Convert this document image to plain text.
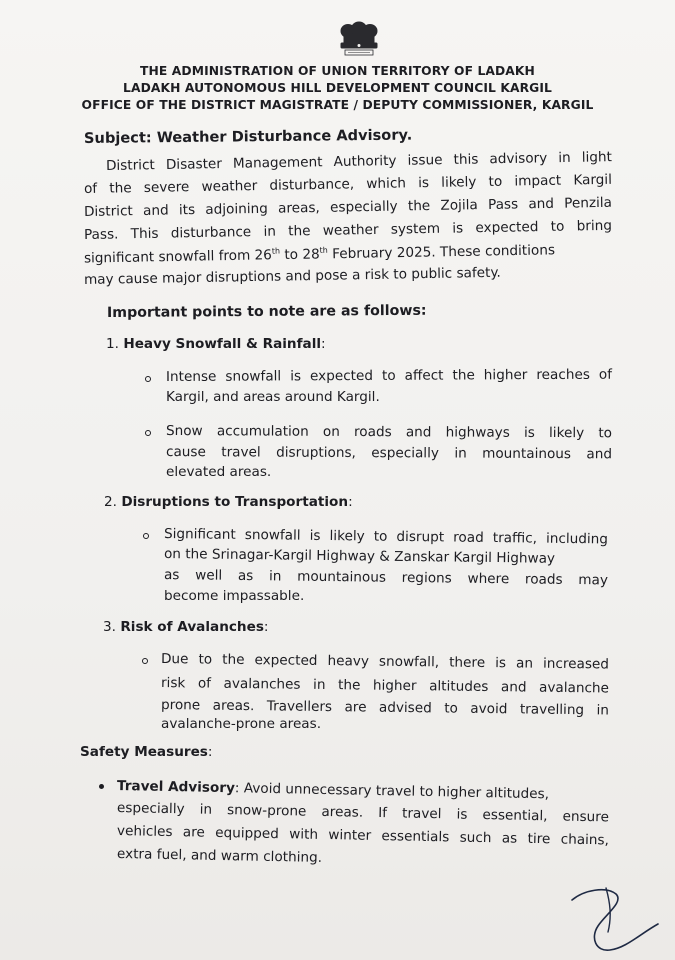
THE ADMINISTRATION OF UNION TERRITORY OF LADAKH
LADAKH AUTONOMOUS HILL DEVELOPMENT COUNCIL KARGIL
OFFICE OF THE DISTRICT MAGISTRATE / DEPUTY COMMISSIONER, KARGIL
Subject: Weather Disturbance Advisory.
District Disaster Management Authority issue this advisory in light
of the severe weather disturbance, which is likely to impact Kargil
District and its adjoining areas, especially the Zojila Pass and Penzila
Pass. This disturbance in the weather system is expected to bring
significant snowfall from 26th to 28th February 2025. These conditions
may cause major disruptions and pose a risk to public safety.
Important points to note are as follows:
1. Heavy Snowfall & Rainfall:
Intense snowfall is expected to affect the higher reaches of
Kargil, and areas around Kargil.
Snow accumulation on roads and highways is likely to
cause travel disruptions, especially in mountainous and
elevated areas.
2. Disruptions to Transportation:
Significant snowfall is likely to disrupt road traffic, including
on the Srinagar-Kargil Highway & Zanskar Kargil Highway
as well as in mountainous regions where roads may
become impassable.
3. Risk of Avalanches:
Due to the expected heavy snowfall, there is an increased
risk of avalanches in the higher altitudes and avalanche
prone areas. Travellers are advised to avoid travelling in
avalanche-prone areas.
Safety Measures:
Travel Advisory: Avoid unnecessary travel to higher altitudes,
especially in snow-prone areas. If travel is essential, ensure
vehicles are equipped with winter essentials such as tire chains,
extra fuel, and warm clothing.
